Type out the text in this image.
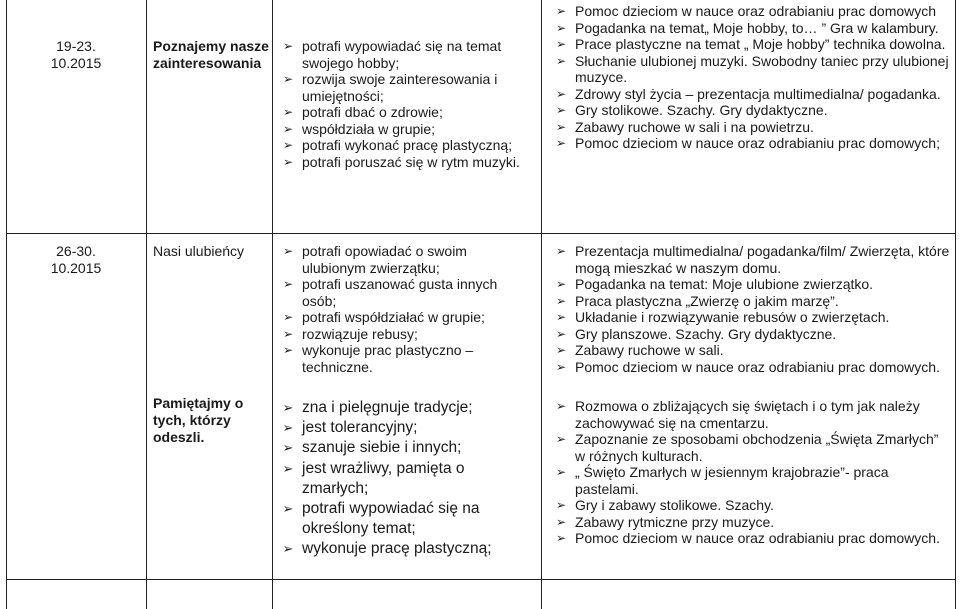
19-23.
10.2015
Poznajemy nasze zainteresowania
➢ potrafi wypowiadać się na temat swojego hobby;
➢ rozwija swoje zainteresowania i umiejętności;
➢ potrafi dbać o zdrowie;
➢ współdziała w grupie;
➢ potrafi wykonać pracę plastyczną;
➢ potrafi poruszać się w rytm muzyki.
➢ Pomoc dzieciom w nauce oraz odrabianiu prac domowych
➢ Pogadanka na temat„ Moje hobby, to… ” Gra w kalambury.
➢ Prace plastyczne na temat „ Moje hobby” technika dowolna.
➢ Słuchanie ulubionej muzyki. Swobodny taniec przy ulubionej muzyce.
➢ Zdrowy styl życia – prezentacja multimedialna/ pogadanka.
➢ Gry stolikowe. Szachy. Gry dydaktyczne.
➢ Zabawy ruchowe w sali i na powietrzu.
➢ Pomoc dzieciom w nauce oraz odrabianiu prac domowych;
26-30.
10.2015
Nasi ulubieńcy	➢ potrafi opowiadać o swoim ulubionym zwierzątku;
➢ potrafi uszanować gusta innych osób;
➢ potrafi współdziałać w grupie;
➢ rozwiązuje rebusy;
➢ wykonuje prac plastyczno – techniczne.
➢ Prezentacja multimedialna/ pogadanka/film/ Zwierzęta, które mogą mieszkać w naszym domu.
➢ Pogadanka na temat: Moje ulubione zwierzątko.
➢ Praca plastyczna „Zwierzę o jakim marzę”.
➢ Układanie i rozwiązywanie rebusów o zwierzętach.
➢ Gry planszowe. Szachy. Gry dydaktyczne.
➢ Zabawy ruchowe w sali.
➢ Pomoc dzieciom w nauce oraz odrabianiu prac domowych.
Pamiętajmy o tych, którzy odeszli.
➢ zna i pielęgnuje tradycje;
➢ jest tolerancyjny;
➢ szanuje siebie i innych;
➢ jest wrażliwy, pamięta o zmarłych;
➢ potrafi wypowiadać się na określony temat;
➢ wykonuje pracę plastyczną;
➢ Rozmowa o zbliżających się świętach i o tym jak należy zachowywać się na cmentarzu.
➢ Zapoznanie ze sposobami obchodzenia „Święta Zmarłych” w różnych kulturach.
➢ „ Święto Zmarłych w jesiennym krajobrazie”- praca pastelami.
➢ Gry i zabawy stolikowe. Szachy.
➢ Zabawy rytmiczne przy muzyce.
➢ Pomoc dzieciom w nauce oraz odrabianiu prac domowych.
